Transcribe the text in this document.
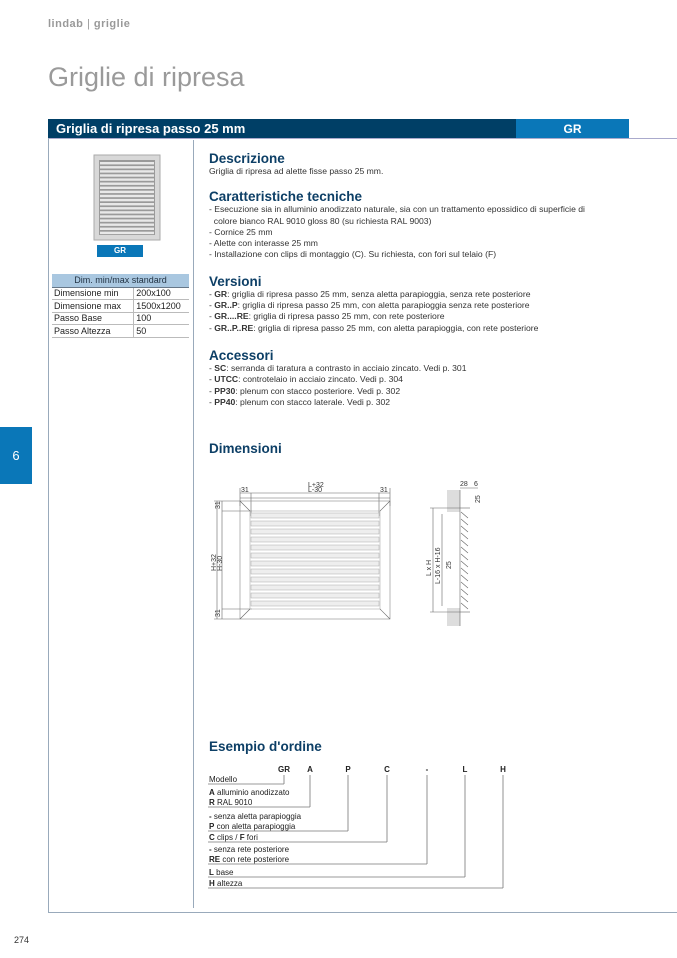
lindab | griglie
Griglie di ripresa
Griglia di ripresa passo 25 mm	GR
GR
Dim. min/max standard	
Dimensione min	200x100
Dimensione max	1500x1200
Passo Base	100
Passo Altezza	50
Descrizione
Griglia di ripresa ad alette fisse passo 25 mm.
Caratteristiche tecniche
- Esecuzione sia in alluminio anodizzato naturale, sia con un trattamento epossidico di superficie di
colore bianco RAL 9010 gloss 80 (su richiesta RAL 9003)
- Cornice 25 mm
- Alette con interasse 25 mm
- Installazione con clips di montaggio (C). Su richiesta, con fori sul telaio (F)
Versioni
- GR: griglia di ripresa passo 25 mm, senza aletta parapioggia, senza rete posteriore
- GR..P: griglia di ripresa passo 25 mm, con aletta parapioggia senza rete posteriore
- GR....RE: griglia di ripresa passo 25 mm, con rete posteriore
- GR..P..RE: griglia di ripresa passo 25 mm, con aletta parapioggia, con rete posteriore
Accessori
- SC: serranda di taratura a contrasto in acciaio zincato. Vedi p. 301
- UTCC: controtelaio in acciaio zincato. Vedi p. 304
- PP30: plenum con stacco posteriore. Vedi p. 302
- PP40: plenum con stacco laterale. Vedi p. 302
Dimensioni
L+32
L-30
31	31
31
31
H+32 H-30
28 6
25
25
L x H L-16 x H-16
Esempio d'ordine
GR A	P	C	-	L	H
Modello
A alluminio anodizzato
R RAL 9010
- senza aletta parapioggia
P con aletta parapioggia
C clips / F fori
- senza rete posteriore
RE con rete posteriore
L base
H altezza
6
274
